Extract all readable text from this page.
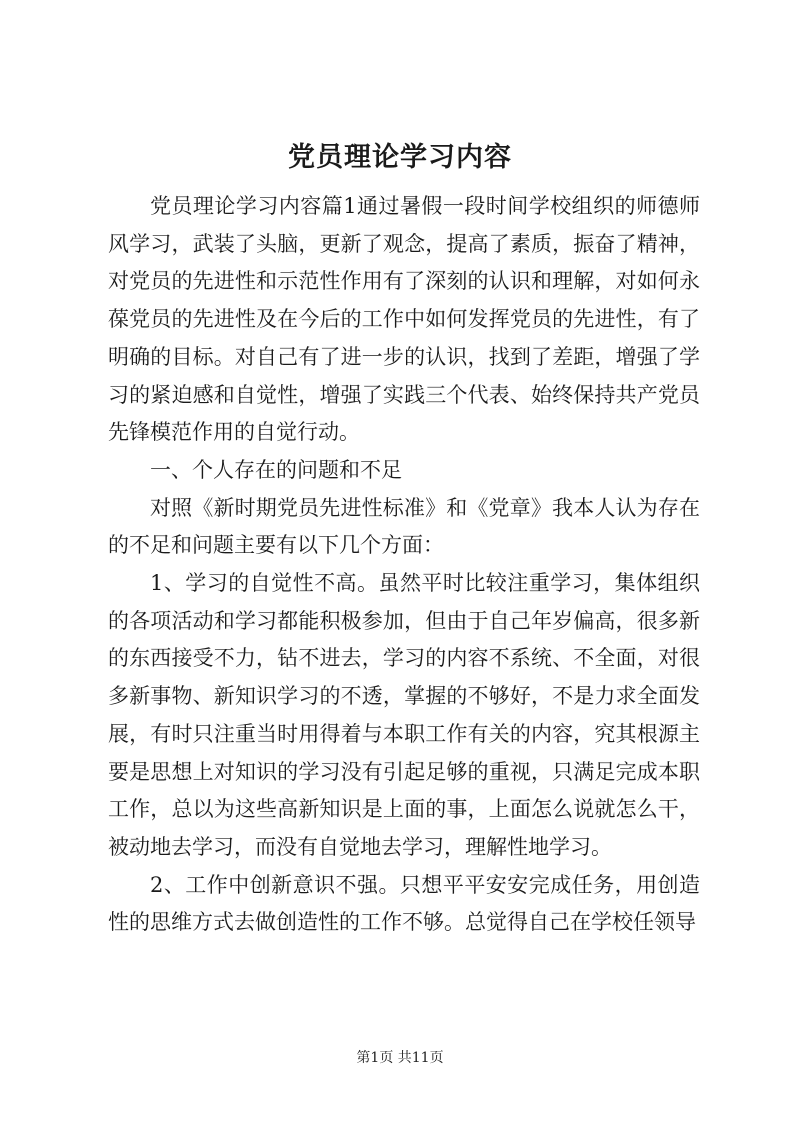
党员理论学习内容

党员理论学习内容篇1通过暑假一段时间学校组织的师德师风学习，武装了头脑，更新了观念，提高了素质，振奋了精神，对党员的先进性和示范性作用有了深刻的认识和理解，对如何永葆党员的先进性及在今后的工作中如何发挥党员的先进性，有了明确的目标。对自己有了进一步的认识，找到了差距，增强了学习的紧迫感和自觉性，增强了实践三个代表、始终保持共产党员先锋模范作用的自觉行动。

一、个人存在的问题和不足

对照《新时期党员先进性标准》和《党章》我本人认为存在的不足和问题主要有以下几个方面：

1、学习的自觉性不高。虽然平时比较注重学习，集体组织的各项活动和学习都能积极参加，但由于自己年岁偏高，很多新的东西接受不力，钻不进去，学习的内容不系统、不全面，对很多新事物、新知识学习的不透，掌握的不够好，不是力求全面发展，有时只注重当时用得着与本职工作有关的内容，究其根源主要是思想上对知识的学习没有引起足够的重视，只满足完成本职工作，总以为这些高新知识是上面的事，上面怎么说就怎么干，被动地去学习，而没有自觉地去学习，理解性地学习。

2、工作中创新意识不强。只想平平安安完成任务，用创造性的思维方式去做创造性的工作不够。总觉得自己在学校任领导

第1页 共11页
